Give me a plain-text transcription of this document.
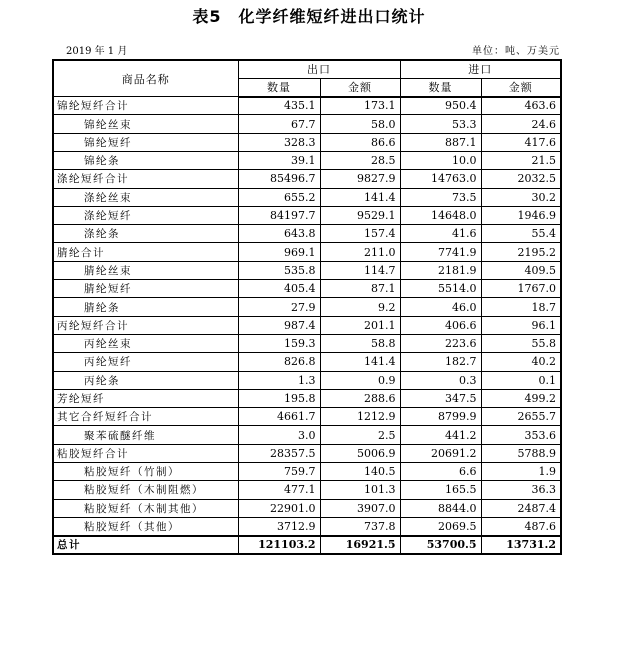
表5　化学纤维短纤进出口统计
2019 年 1 月	单位：吨、万美元
商品名称	出口		进口	
	数量	金额	数量	金额
锦纶短纤合计	435.1	173.1	950.4	463.6
锦纶丝束	67.7	58.0	53.3	24.6
锦纶短纤	328.3	86.6	887.1	417.6
锦纶条	39.1	28.5	10.0	21.5
涤纶短纤合计	85496.7	9827.9	14763.0	2032.5
涤纶丝束	655.2	141.4	73.5	30.2
涤纶短纤	84197.7	9529.1	14648.0	1946.9
涤纶条	643.8	157.4	41.6	55.4
腈纶合计	969.1	211.0	7741.9	2195.2
腈纶丝束	535.8	114.7	2181.9	409.5
腈纶短纤	405.4	87.1	5514.0	1767.0
腈纶条	27.9	9.2	46.0	18.7
丙纶短纤合计	987.4	201.1	406.6	96.1
丙纶丝束	159.3	58.8	223.6	55.8
丙纶短纤	826.8	141.4	182.7	40.2
丙纶条	1.3	0.9	0.3	0.1
芳纶短纤	195.8	288.6	347.5	499.2
其它合纤短纤合计	4661.7	1212.9	8799.9	2655.7
聚苯硫醚纤维	3.0	2.5	441.2	353.6
粘胶短纤合计	28357.5	5006.9	20691.2	5788.9
粘胶短纤（竹制）	759.7	140.5	6.6	1.9
粘胶短纤（木制阻燃）	477.1	101.3	165.5	36.3
粘胶短纤（木制其他）	22901.0	3907.0	8844.0	2487.4
粘胶短纤（其他）	3712.9	737.8	2069.5	487.6
总计	121103.2	16921.5	53700.5	13731.2
